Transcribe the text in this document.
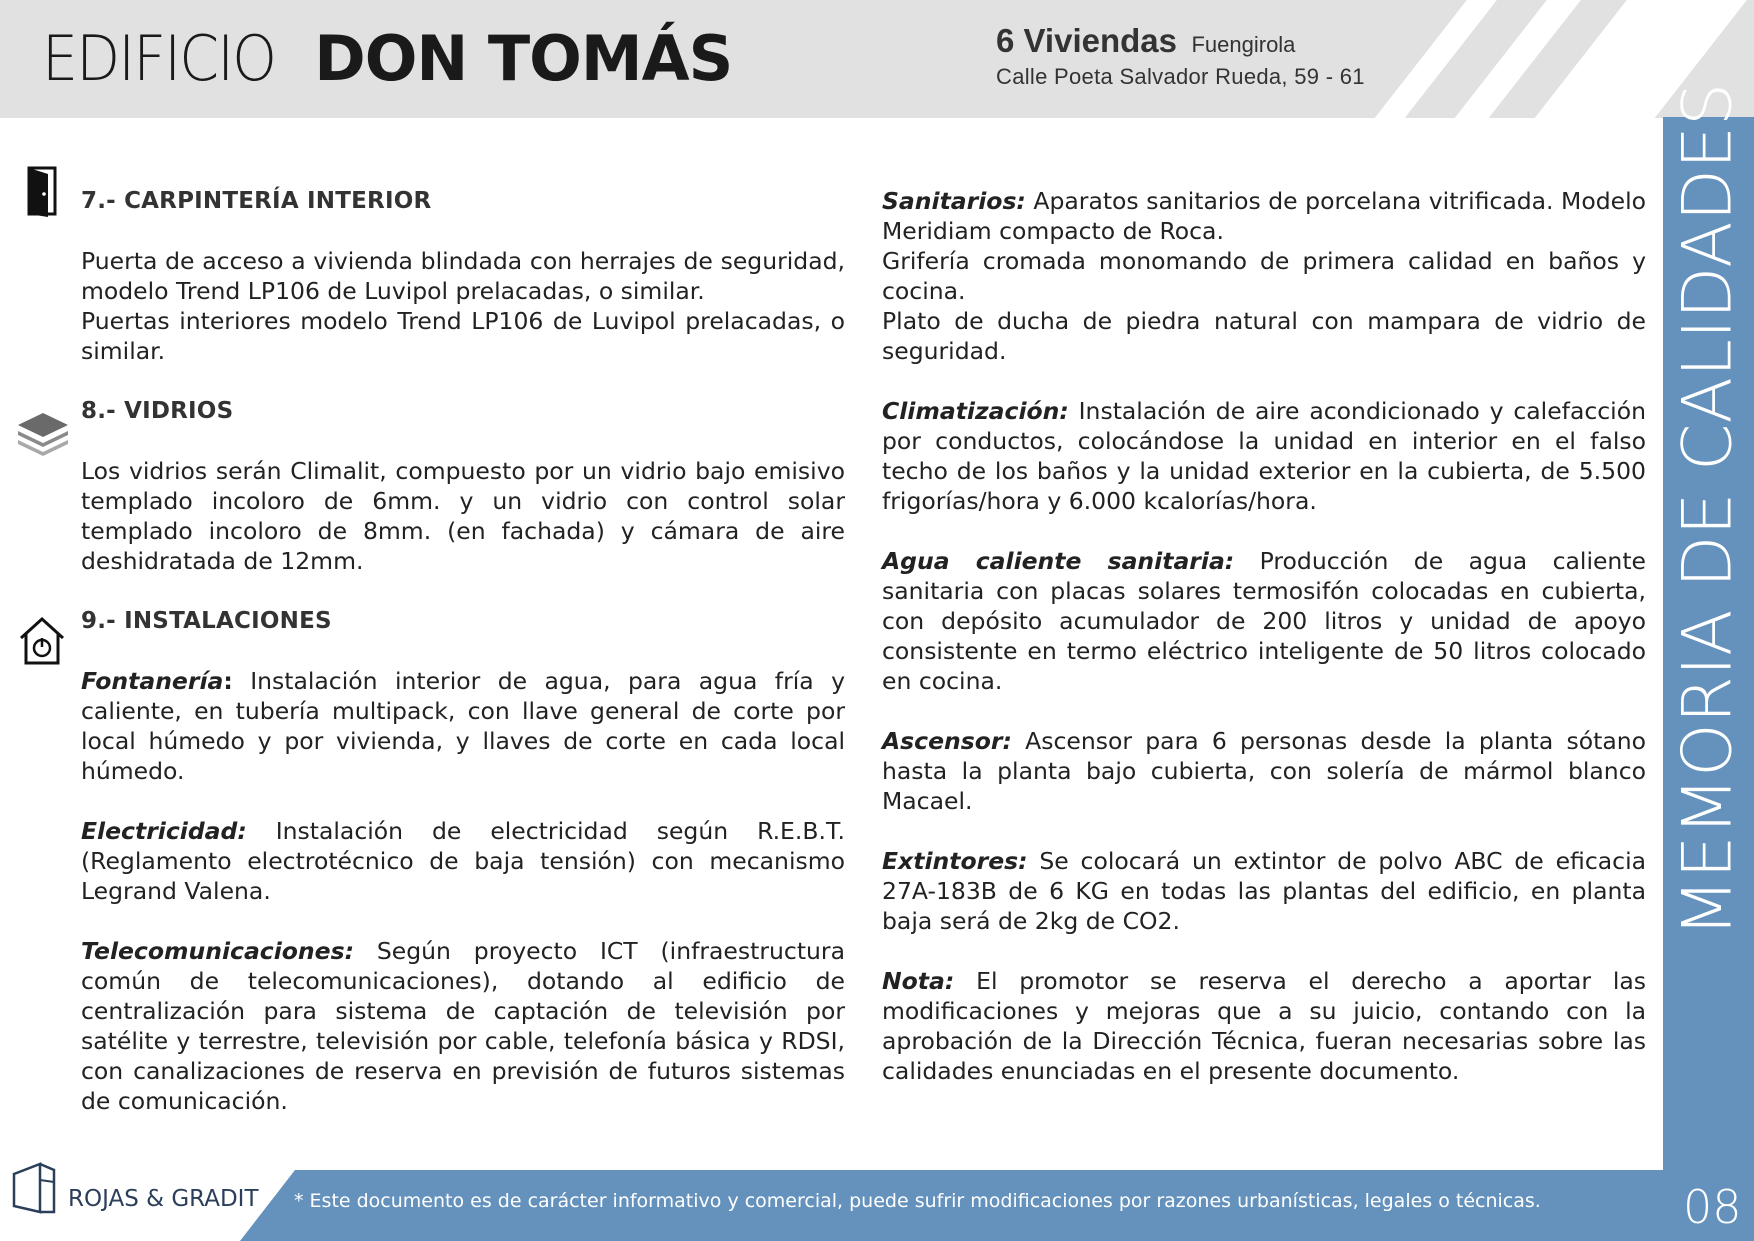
EDIFICIO DON TOMÁS	6 Viviendas Fuengirola
Calle Poeta Salvador Rueda, 59 - 61
MEMORIA DE CALIDADES
08
7.- CARPINTERÍA INTERIOR

Puerta de acceso a vivienda blindada con herrajes de seguridad, modelo Trend LP106 de Luvipol prelacadas, o similar.

Puertas interiores modelo Trend LP106 de Luvipol prelacadas, o similar.

8.- VIDRIOS

Los vidrios serán Climalit, compuesto por un vidrio bajo emisivo templado incoloro de 6mm. y un vidrio con control solar templado incoloro de 8mm. (en fachada) y cámara de aire deshidratada de 12mm.

9.- INSTALACIONES

Fontanería: Instalación interior de agua, para agua fría y caliente, en tubería multipack, con llave general de corte por local húmedo y por vivienda, y llaves de corte en cada local húmedo.

Electricidad: Instalación de electricidad según R.E.B.T. (Reglamento electrotécnico de baja tensión) con mecanismo Legrand Valena.

Telecomunicaciones: Según proyecto ICT (infraestructura común de telecomunicaciones), dotando al edificio de centralización para sistema de captación de televisión por satélite y terrestre, televisión por cable, telefonía básica y RDSI, con canalizaciones de reserva en previsión de futuros sistemas de comunicación.

Sanitarios: Aparatos sanitarios de porcelana vitrificada. Modelo Meridiam compacto de Roca.

Grifería cromada monomando de primera calidad en baños y cocina.

Plato de ducha de piedra natural con mampara de vidrio de seguridad.

Climatización: Instalación de aire acondicionado y calefacción por conductos, colocándose la unidad en interior en el falso techo de los baños y la unidad exterior en la cubierta, de 5.500 frigorías/hora y 6.000 kcalorías/hora.

Agua caliente sanitaria: Producción de agua caliente sanitaria con placas solares termosifón colocadas en cubierta, con depósito acumulador de 200 litros y unidad de apoyo consistente en termo eléctrico inteligente de 50 litros colocado en cocina.

Ascensor: Ascensor para 6 personas desde la planta sótano hasta la planta bajo cubierta, con solería de mármol blanco Macael.

Extintores: Se colocará un extintor de polvo ABC de eficacia 27A-183B de 6 KG en todas las plantas del edificio, en planta baja será de 2kg de CO2.

Nota: El promotor se reserva el derecho a aportar las modificaciones y mejoras que a su juicio, contando con la aprobación de la Dirección Técnica, fueran necesarias sobre las calidades enunciadas en el presente documento.

* Este documento es de carácter informativo y comercial, puede sufrir modificaciones por razones urbanísticas, legales o técnicas.
ROJAS & GRADIT
